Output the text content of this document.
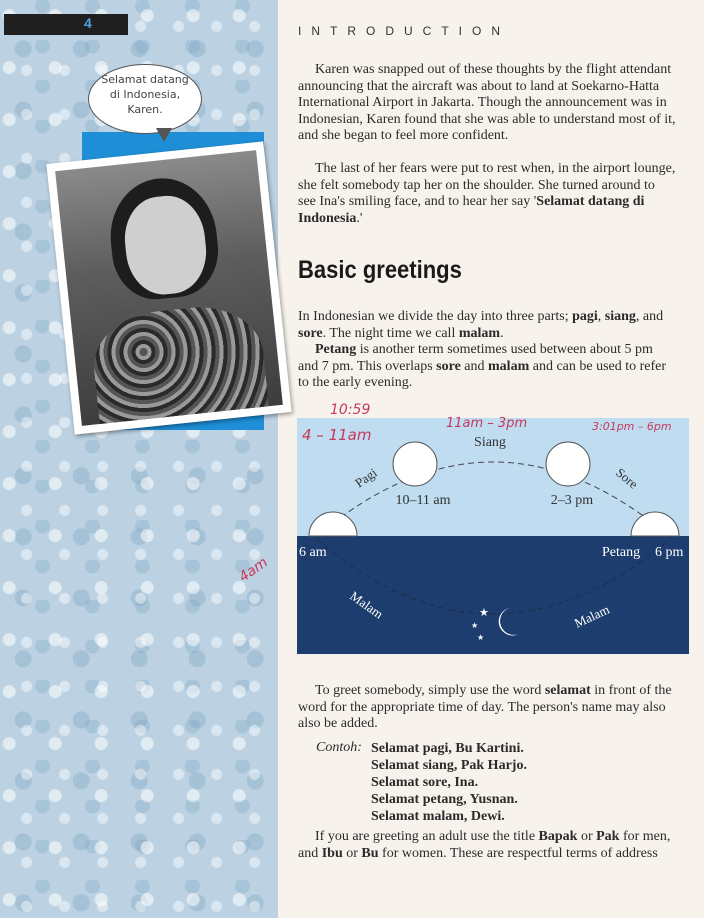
4
Selamat datang
di Indonesia,
Karen.
INTRODUCTION

Karen was snapped out of these thoughts by the flight attendant announcing that the aircraft was about to land at Soekarno-Hatta International Airport in Jakarta. Though the announcement was in Indonesian, Karen found that she was able to understand most of it, and she began to feel more confident.

The last of her fears were put to rest when, in the airport lounge, she felt somebody tap her on the shoulder. She turned around to see Ina's smiling face, and to hear her say 'Selamat datang di Indonesia.'

Basic greetings

In Indonesian we divide the day into three parts; pagi, siang, and sore. The night time we call malam.

Petang is another term sometimes used between about 5 pm and 7 pm. This overlaps sore and malam and can be used to refer to the early evening.

Siang
Pagi	Sore
10–11 am	2–3 pm
6 am	Petang 6 pm
Malam	Malam
★
★
★
10:59
4 – 11am
11am – 3pm	3:01pm – 6pm
4am

To greet somebody, simply use the word selamat in front of the word for the appropriate time of day. The person's name may also also be added.

Contoh: Selamat pagi, Bu Kartini.
Selamat siang, Pak Harjo.
Selamat sore, Ina.
Selamat petang, Yusnan.
Selamat malam, Dewi.

If you are greeting an adult use the title Bapak or Pak for men, and Ibu or Bu for women. These are respectful terms of address
